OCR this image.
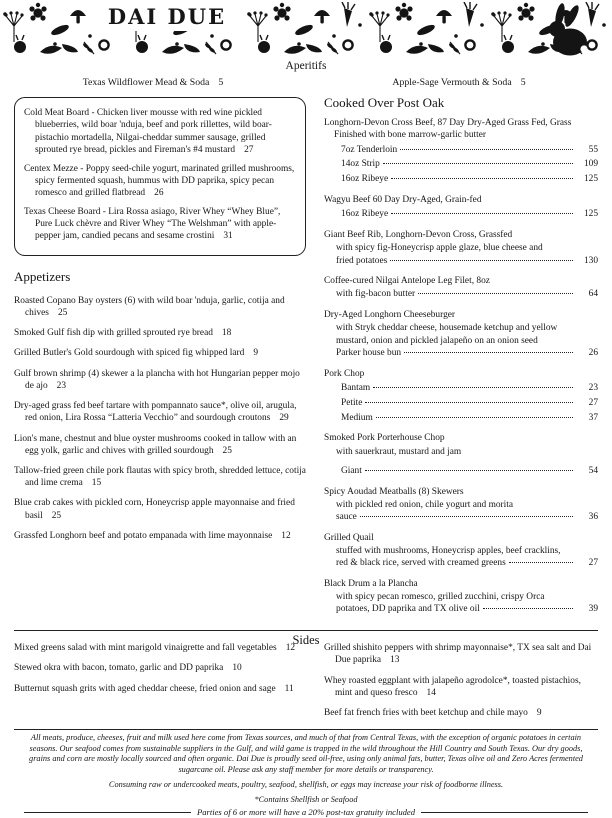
DAI DUE
Aperitifs
Texas Wildflower Mead & Soda 5	Apple-Sage Vermouth & Soda 5

Cold Meat Board - Chicken liver mousse with red wine pickled blueberries, wild boar 'nduja, beef and pork rillettes, wild boar-pistachio mortadella, Nilgai-cheddar summer sausage, grilled sprouted rye bread, pickles and Fireman's #4 mustard 27

Centex Mezze - Poppy seed-chile yogurt, marinated grilled mushrooms, spicy fermented squash, hummus with DD paprika, spicy pecan romesco and grilled flatbread 26

Texas Cheese Board - Lira Rossa asiago, River Whey “Whey Blue”, Pure Luck chèvre and River Whey “The Welshman” with apple-pepper jam, candied pecans and sesame crostini 31

Appetizers

Roasted Copano Bay oysters (6) with wild boar 'nduja, garlic, cotija and chives 25

Smoked Gulf fish dip with grilled sprouted rye bread 18

Grilled Butler's Gold sourdough with spiced fig whipped lard 9

Gulf brown shrimp (4) skewer a la plancha with hot Hungarian pepper mojo de ajo 23

Dry-aged grass fed beef tartare with pompannato sauce*, olive oil, arugula, red onion, Lira Rossa “Latteria Vecchio” and sourdough croutons 29

Lion's mane, chestnut and blue oyster mushrooms cooked in tallow with an egg yolk, garlic and chives with grilled sourdough 25

Tallow-fried green chile pork flautas with spicy broth, shredded lettuce, cotija and lime crema 15

Blue crab cakes with pickled corn, Honeycrisp apple mayonnaise and fried basil 25

Grassfed Longhorn beef and potato empanada with lime mayonnaise 12

Cooked Over Post Oak

Longhorn-Devon Cross Beef, 87 Day Dry-Aged Grass Fed, Grass Finished with bone marrow-garlic butter

7oz Tenderloin	55
14oz Strip	109
16oz Ribeye	125

Wagyu Beef 60 Day Dry-Aged, Grain-fed

16oz Ribeye	125

Giant Beef Rib, Longhorn-Devon Cross, Grassfed

with spicy fig-Honeycrisp apple glaze, blue cheese and
fried potatoes	130

Coffee-cured Nilgai Antelope Leg Filet, 8oz

with fig-bacon butter	64

Dry-Aged Longhorn Cheeseburger

with Stryk cheddar cheese, housemade ketchup and yellow
mustard, onion and pickled jalapeño on an onion seed
Parker house bun	26

Pork Chop

Bantam	23
Petite	27
Medium	37

Smoked Pork Porterhouse Chop

with sauerkraut, mustard and jam
Giant	54

Spicy Aoudad Meatballs (8) Skewers

with pickled red onion, chile yogurt and morita
sauce	36

Grilled Quail

stuffed with mushrooms, Honeycrisp apples, beef cracklins,
red & black rice, served with creamed greens	27

Black Drum a la Plancha

with spicy pecan romesco, grilled zucchini, crispy Orca
potatoes, DD paprika and TX olive oil	39
Sides

Mixed greens salad with mint marigold vinaigrette and fall vegetables 12

Stewed okra with bacon, tomato, garlic and DD paprika 10

Butternut squash grits with aged cheddar cheese, fried onion and sage 11

Grilled shishito peppers with shrimp mayonnaise*, TX sea salt and Dai Due paprika 13

Whey roasted eggplant with jalapeño agrodolce*, toasted pistachios, mint and queso fresco 14

Beef fat french fries with beet ketchup and chile mayo 9

All meats, produce, cheeses, fruit and milk used here come from Texas sources, and much of that from Central Texas, with the exception of organic potatoes in certain seasons. Our seafood comes from sustainable suppliers in the Gulf, and wild game is trapped in the wild throughout the Hill Country and South Texas. Our dry goods, grains and corn are mostly locally sourced and often organic. Dai Due is proudly seed oil-free, using only animal fats, butter, Texas olive oil and Zero Acres fermented sugarcane oil. Please ask any staff member for more details or transparency.

Consuming raw or undercooked meats, poultry, seafood, shellfish, or eggs may increase your risk of foodborne illness.

*Contains Shellfish or Seafood

Parties of 6 or more will have a 20% post-tax gratuity included
